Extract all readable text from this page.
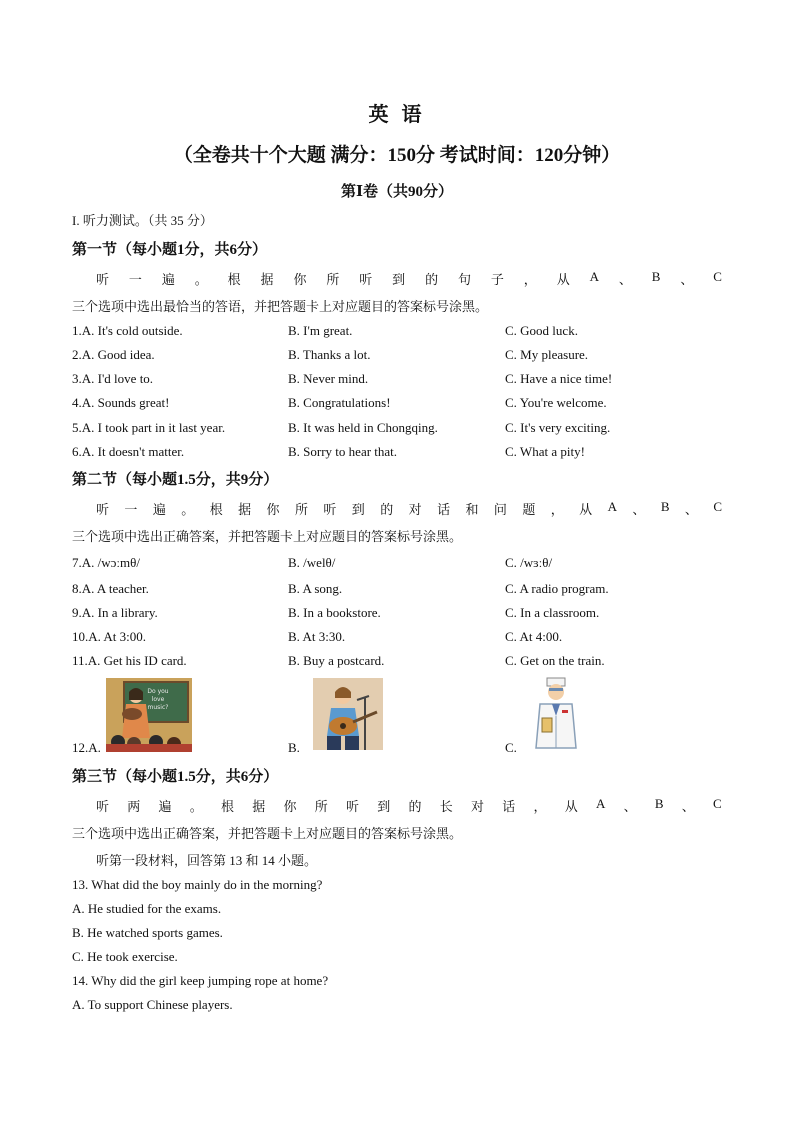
英 语
（全卷共十个大题 满分：150分 考试时间：120分钟）
第Ⅰ卷（共90分）
I. 听力测试。（共 35 分）
第一节（每小题1分，共6分）
听 一 遍 。 根 据 你 所 听 到 的 句 子 ， 从 A 、 B 、 C
三个选项中选出最恰当的答语，并把答题卡上对应题目的答案标号涂黑。
1.A. It's cold outside.	B. I'm great.	C. Good luck.
2.A. Good idea.	B. Thanks a lot.	C. My pleasure.
3.A. I'd love to.	B. Never mind.	C. Have a nice time!
4.A. Sounds great!	B. Congratulations!	C. You're welcome.
5.A. I took part in it last year.	B. It was held in Chongqing.	C. It's very exciting.
6.A. It doesn't matter.	B. Sorry to hear that.	C. What a pity!
第二节（每小题1.5分，共9分）
听 一 遍 。 根 据 你 所 听 到 的 对 话 和 问 题 ， 从 A 、 B 、 C
三个选项中选出正确答案，并把答题卡上对应题目的答案标号涂黑。
7.A. /wɔːmθ/	B. /welθ/	C. /wɜːθ/
8.A. A teacher.	B. A song.	C. A radio program.
9.A. In a library.	B. In a bookstore.	C. In a classroom.
10.A. At 3:00.	B. At 3:30.	C. At 4:00.
11.A. Get his ID card.	B. Buy a postcard.	C. Get on the train.
12.A.
Do you
love
music?
B.	C.
第三节（每小题1.5分，共6分）
听 两 遍 。 根 据 你 所 听 到 的 长 对 话 ， 从 A 、 B 、 C
三个选项中选出正确答案，并把答题卡上对应题目的答案标号涂黑。
听第一段材料，回答第 13 和 14 小题。
13. What did the boy mainly do in the morning?
A. He studied for the exams.
B. He watched sports games.
C. He took exercise.
14. Why did the girl keep jumping rope at home?
A. To support Chinese players.
